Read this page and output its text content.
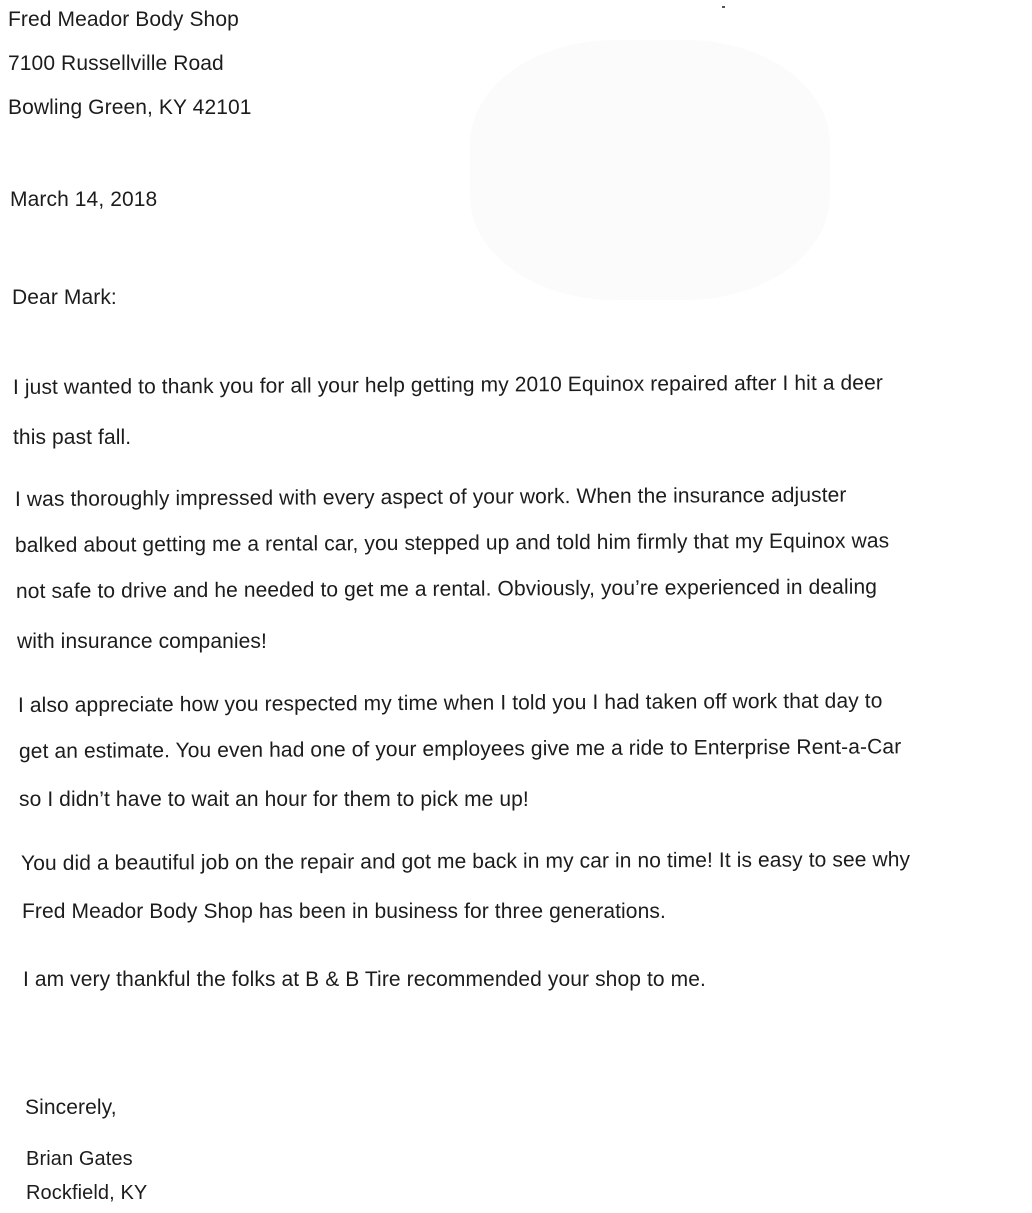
Fred Meador Body Shop
7100 Russellville Road
Bowling Green, KY 42101
March 14, 2018
Dear Mark:
I just wanted to thank you for all your help getting my 2010 Equinox repaired after I hit a deer
this past fall.
I was thoroughly impressed with every aspect of your work. When the insurance adjuster
balked about getting me a rental car, you stepped up and told him firmly that my Equinox was
not safe to drive and he needed to get me a rental. Obviously, you’re experienced in dealing
with insurance companies!
I also appreciate how you respected my time when I told you I had taken off work that day to
get an estimate. You even had one of your employees give me a ride to Enterprise Rent-a-Car
so I didn’t have to wait an hour for them to pick me up!
You did a beautiful job on the repair and got me back in my car in no time! It is easy to see why
Fred Meador Body Shop has been in business for three generations.
I am very thankful the folks at B & B Tire recommended your shop to me.
Sincerely,
Brian Gates
Rockfield, KY
